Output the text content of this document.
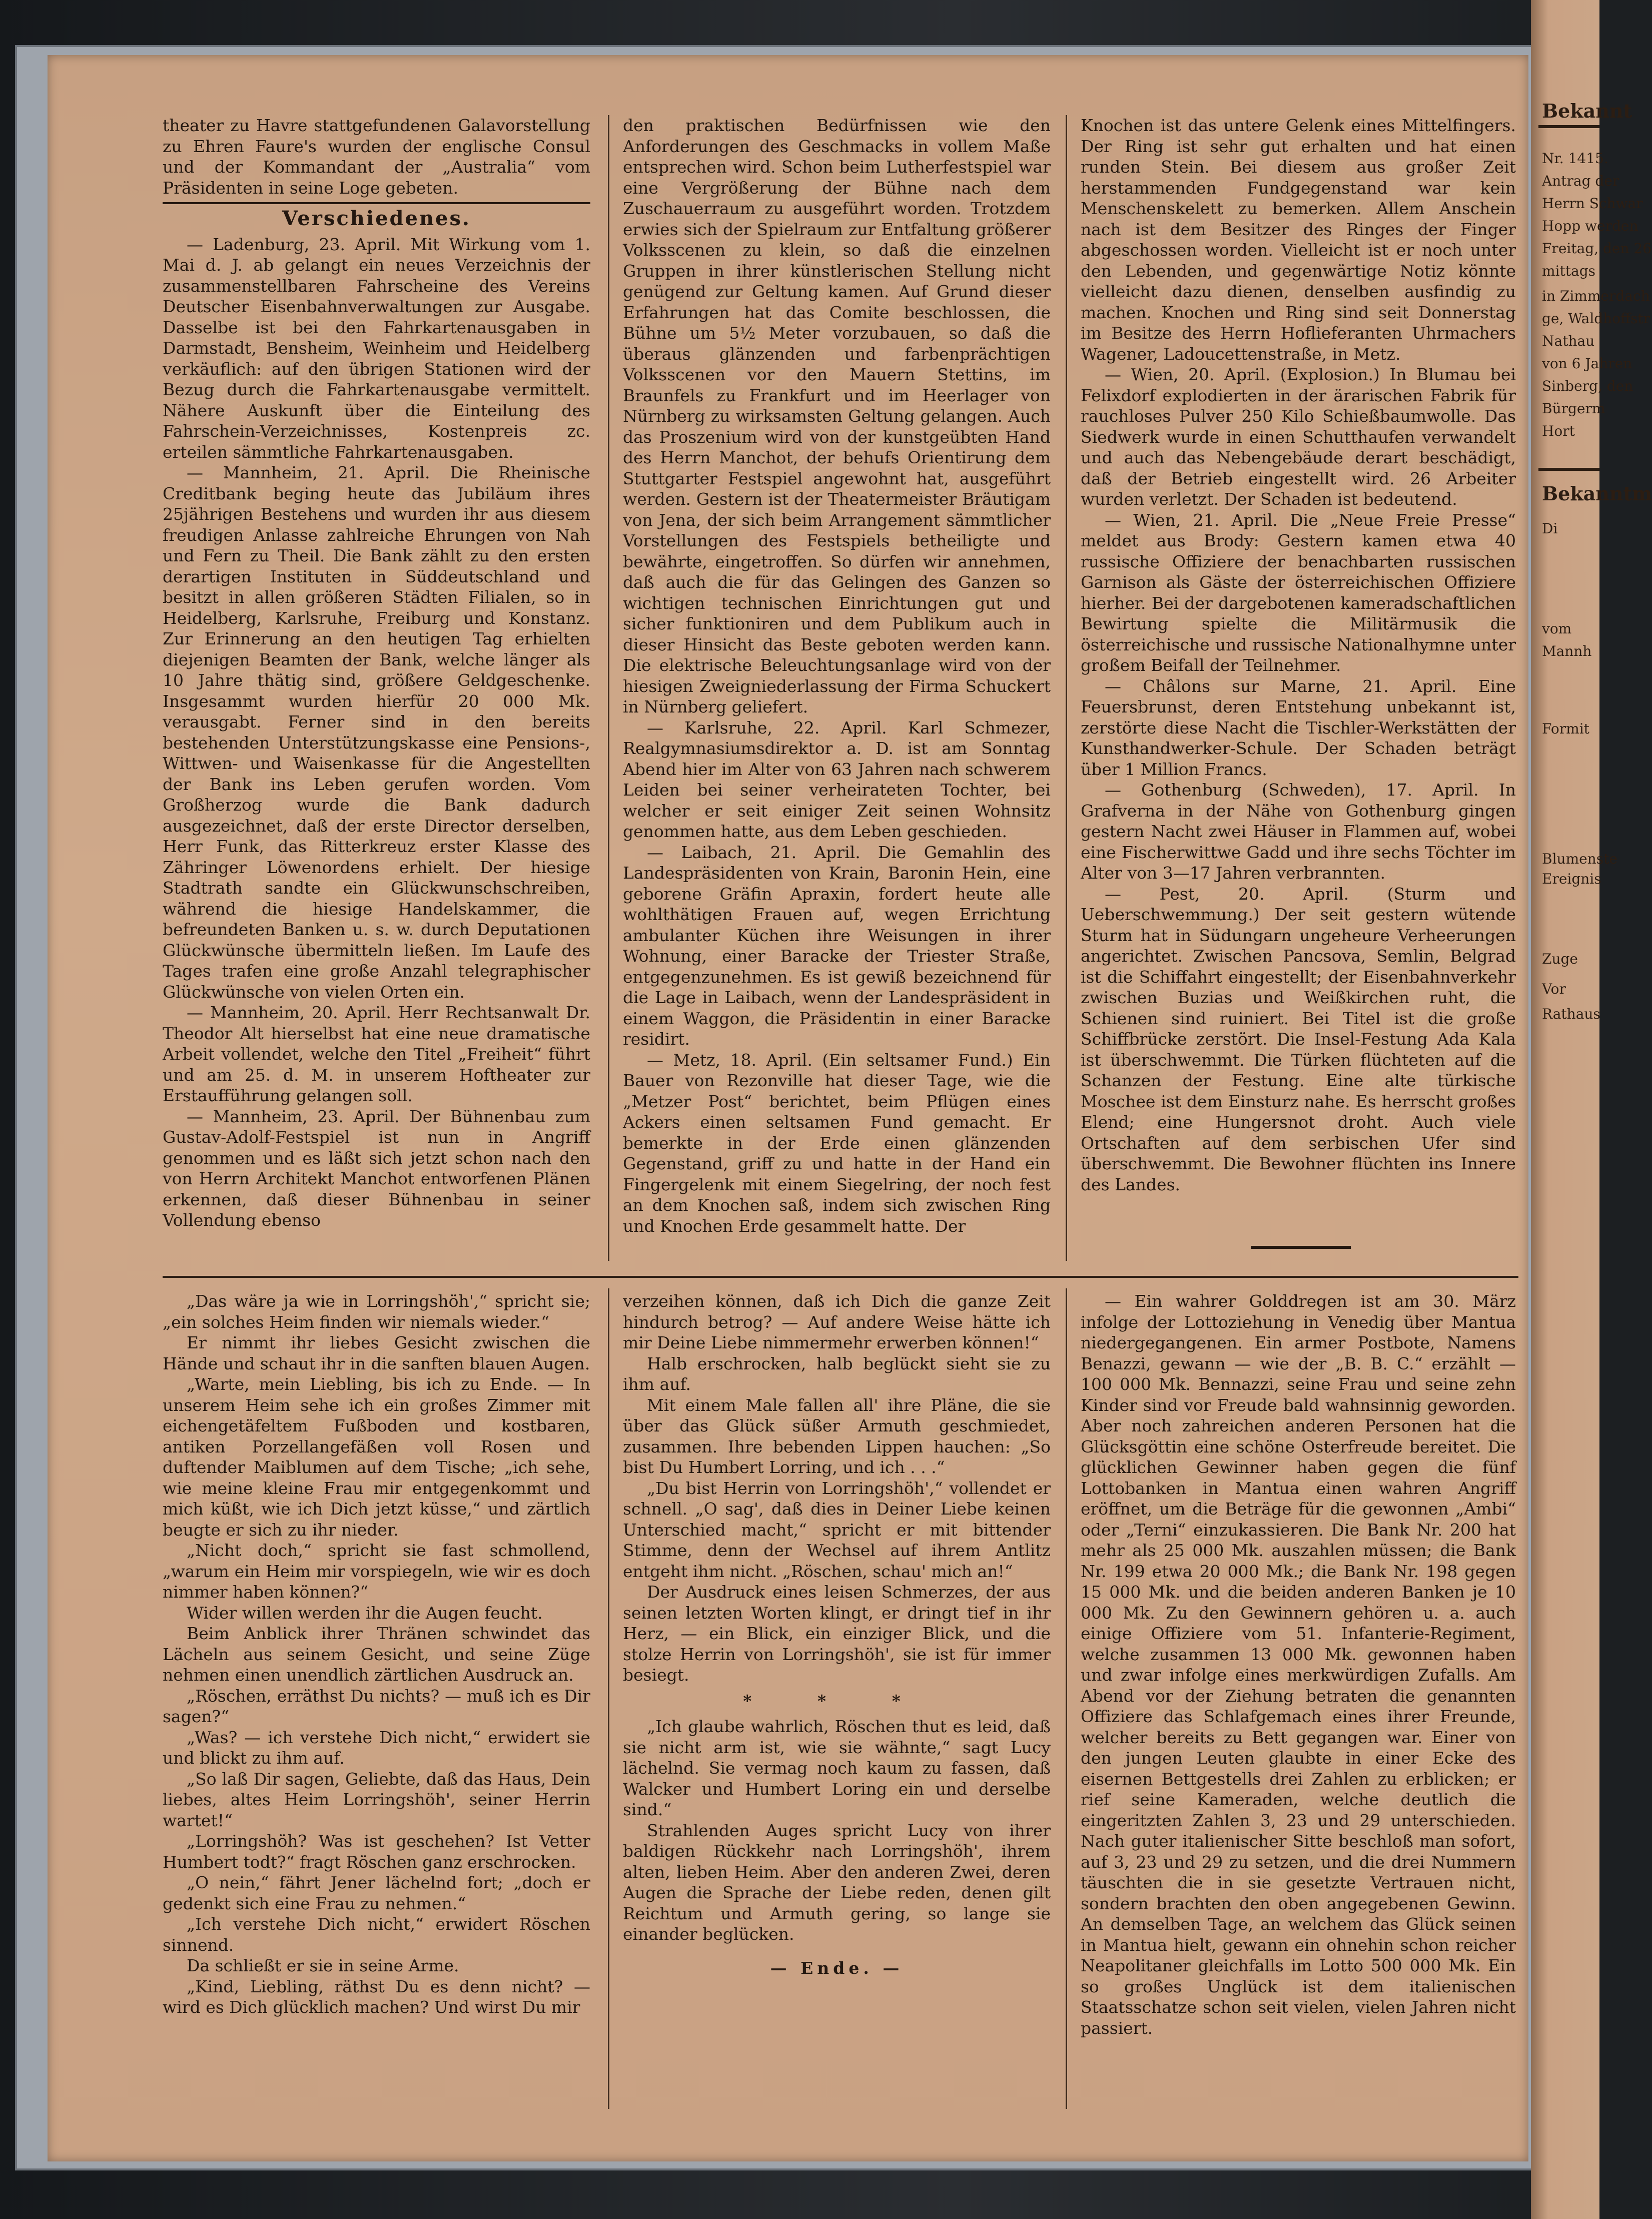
Bekannt
Nr. 1415.
Antrag der
Herrn Schwar
Hopp werden
Freitag, den 26
mittags
in Zimmerdach
ge, Waldhoffstr
Nathau
von 6 Jahren
Sinberg, den
Bürgerm
Hort
Bekanntm
Di
vom
Mannh
Formit
Blumenste
Ereignis
Zuge
Vor
Rathaus

theater zu Havre stattgefundenen Galavorstellung zu Ehren Faure's wurden der englische Consul und der Kommandant der „Australia“ vom Präsidenten in seine Loge gebeten.

Verschiedenes.

— Ladenburg, 23. April. Mit Wirkung vom 1. Mai d. J. ab gelangt ein neues Verzeichnis der zusammenstellbaren Fahrscheine des Vereins Deutscher Eisenbahnverwaltungen zur Ausgabe. Dasselbe ist bei den Fahrkartenausgaben in Darmstadt, Bensheim, Weinheim und Heidelberg verkäuflich: auf den übrigen Stationen wird der Bezug durch die Fahrkartenausgabe vermittelt. Nähere Auskunft über die Einteilung des Fahrschein-Verzeichnisses, Kostenpreis zc. erteilen sämmtliche Fahrkartenausgaben.

— Mannheim, 21. April. Die Rheinische Creditbank beging heute das Jubiläum ihres 25jährigen Bestehens und wurden ihr aus diesem freudigen Anlasse zahlreiche Ehrungen von Nah und Fern zu Theil. Die Bank zählt zu den ersten derartigen Instituten in Süddeutschland und besitzt in allen größeren Städten Filialen, so in Heidelberg, Karlsruhe, Freiburg und Konstanz. Zur Erinnerung an den heutigen Tag erhielten diejenigen Beamten der Bank, welche länger als 10 Jahre thätig sind, größere Geldgeschenke. Insgesammt wurden hierfür 20 000 Mk. verausgabt. Ferner sind in den bereits bestehenden Unterstützungskasse eine Pensions-, Wittwen- und Waisenkasse für die Angestellten der Bank ins Leben gerufen worden. Vom Großherzog wurde die Bank dadurch ausgezeichnet, daß der erste Director derselben, Herr Funk, das Ritterkreuz erster Klasse des Zähringer Löwenordens erhielt. Der hiesige Stadtrath sandte ein Glückwunschschreiben, während die hiesige Handelskammer, die befreundeten Banken u. s. w. durch Deputationen Glückwünsche übermitteln ließen. Im Laufe des Tages trafen eine große Anzahl telegraphischer Glückwünsche von vielen Orten ein.

— Mannheim, 20. April. Herr Rechtsanwalt Dr. Theodor Alt hierselbst hat eine neue dramatische Arbeit vollendet, welche den Titel „Freiheit“ führt und am 25. d. M. in unserem Hoftheater zur Erstaufführung gelangen soll.

— Mannheim, 23. April. Der Bühnenbau zum Gustav-Adolf-Festspiel ist nun in Angriff genommen und es läßt sich jetzt schon nach den von Herrn Architekt Manchot entworfenen Plänen erkennen, daß dieser Bühnenbau in seiner Vollendung ebenso

den praktischen Bedürfnissen wie den Anforderungen des Geschmacks in vollem Maße entsprechen wird. Schon beim Lutherfestspiel war eine Vergrößerung der Bühne nach dem Zuschauerraum zu ausgeführt worden. Trotzdem erwies sich der Spielraum zur Entfaltung größerer Volksscenen zu klein, so daß die einzelnen Gruppen in ihrer künstlerischen Stellung nicht genügend zur Geltung kamen. Auf Grund dieser Erfahrungen hat das Comite beschlossen, die Bühne um 5½ Meter vorzubauen, so daß die überaus glänzenden und farbenprächtigen Volksscenen vor den Mauern Stettins, im Braunfels zu Frankfurt und im Heerlager von Nürnberg zu wirksamsten Geltung gelangen. Auch das Proszenium wird von der kunstgeübten Hand des Herrn Manchot, der behufs Orientirung dem Stuttgarter Festspiel angewohnt hat, ausgeführt werden. Gestern ist der Theatermeister Bräutigam von Jena, der sich beim Arrangement sämmtlicher Vorstellungen des Festspiels betheiligte und bewährte, eingetroffen. So dürfen wir annehmen, daß auch die für das Gelingen des Ganzen so wichtigen technischen Einrichtungen gut und sicher funktioniren und dem Publikum auch in dieser Hinsicht das Beste geboten werden kann. Die elektrische Beleuchtungsanlage wird von der hiesigen Zweigniederlassung der Firma Schuckert in Nürnberg geliefert.

— Karlsruhe, 22. April. Karl Schmezer, Realgymnasiumsdirektor a. D. ist am Sonntag Abend hier im Alter von 63 Jahren nach schwerem Leiden bei seiner verheirateten Tochter, bei welcher er seit einiger Zeit seinen Wohnsitz genommen hatte, aus dem Leben geschieden.

— Laibach, 21. April. Die Gemahlin des Landespräsidenten von Krain, Baronin Hein, eine geborene Gräfin Apraxin, fordert heute alle wohlthätigen Frauen auf, wegen Errichtung ambulanter Küchen ihre Weisungen in ihrer Wohnung, einer Baracke der Triester Straße, entgegenzunehmen. Es ist gewiß bezeichnend für die Lage in Laibach, wenn der Landespräsident in einem Waggon, die Präsidentin in einer Baracke residirt.

— Metz, 18. April. (Ein seltsamer Fund.) Ein Bauer von Rezonville hat dieser Tage, wie die „Metzer Post“ berichtet, beim Pflügen eines Ackers einen seltsamen Fund gemacht. Er bemerkte in der Erde einen glänzenden Gegenstand, griff zu und hatte in der Hand ein Fingergelenk mit einem Siegelring, der noch fest an dem Knochen saß, indem sich zwischen Ring und Knochen Erde gesammelt hatte. Der

Knochen ist das untere Gelenk eines Mittelfingers. Der Ring ist sehr gut erhalten und hat einen runden Stein. Bei diesem aus großer Zeit herstammenden Fundgegenstand war kein Menschenskelett zu bemerken. Allem Anschein nach ist dem Besitzer des Ringes der Finger abgeschossen worden. Vielleicht ist er noch unter den Lebenden, und gegenwärtige Notiz könnte vielleicht dazu dienen, denselben ausfindig zu machen. Knochen und Ring sind seit Donnerstag im Besitze des Herrn Hoflieferanten Uhrmachers Wagener, Ladoucettenstraße, in Metz.

— Wien, 20. April. (Explosion.) In Blumau bei Felixdorf explodierten in der ärarischen Fabrik für rauchloses Pulver 250 Kilo Schießbaumwolle. Das Siedwerk wurde in einen Schutthaufen verwandelt und auch das Nebengebäude derart beschädigt, daß der Betrieb eingestellt wird. 26 Arbeiter wurden verletzt. Der Schaden ist bedeutend.

— Wien, 21. April. Die „Neue Freie Presse“ meldet aus Brody: Gestern kamen etwa 40 russische Offiziere der benachbarten russischen Garnison als Gäste der österreichischen Offiziere hierher. Bei der dargebotenen kameradschaftlichen Bewirtung spielte die Militärmusik die österreichische und russische Nationalhymne unter großem Beifall der Teilnehmer.

— Châlons sur Marne, 21. April. Eine Feuersbrunst, deren Entstehung unbekannt ist, zerstörte diese Nacht die Tischler-Werkstätten der Kunsthandwerker-Schule. Der Schaden beträgt über 1 Million Francs.

— Gothenburg (Schweden), 17. April. In Grafverna in der Nähe von Gothenburg gingen gestern Nacht zwei Häuser in Flammen auf, wobei eine Fischerwittwe Gadd und ihre sechs Töchter im Alter von 3—17 Jahren verbrannten.

— Pest, 20. April. (Sturm und Ueberschwemmung.) Der seit gestern wütende Sturm hat in Südungarn ungeheure Verheerungen angerichtet. Zwischen Pancsova, Semlin, Belgrad ist die Schiffahrt eingestellt; der Eisenbahnverkehr zwischen Buzias und Weißkirchen ruht, die Schienen sind ruiniert. Bei Titel ist die große Schiffbrücke zerstört. Die Insel-Festung Ada Kala ist überschwemmt. Die Türken flüchteten auf die Schanzen der Festung. Eine alte türkische Moschee ist dem Einsturz nahe. Es herrscht großes Elend; eine Hungersnot droht. Auch viele Ortschaften auf dem serbischen Ufer sind überschwemmt. Die Bewohner flüchten ins Innere des Landes.

„Das wäre ja wie in Lorringshöh',“ spricht sie; „ein solches Heim finden wir niemals wieder.“

Er nimmt ihr liebes Gesicht zwischen die Hände und schaut ihr in die sanften blauen Augen.

„Warte, mein Liebling, bis ich zu Ende. — In unserem Heim sehe ich ein großes Zimmer mit eichengetäfeltem Fußboden und kostbaren, antiken Porzellangefäßen voll Rosen und duftender Maiblumen auf dem Tische; „ich sehe, wie meine kleine Frau mir entgegenkommt und mich küßt, wie ich Dich jetzt küsse,“ und zärtlich beugte er sich zu ihr nieder.

„Nicht doch,“ spricht sie fast schmollend, „warum ein Heim mir vorspiegeln, wie wir es doch nimmer haben können?“

Wider willen werden ihr die Augen feucht.

Beim Anblick ihrer Thränen schwindet das Lächeln aus seinem Gesicht, und seine Züge nehmen einen unendlich zärtlichen Ausdruck an.

„Röschen, erräthst Du nichts? — muß ich es Dir sagen?“

„Was? — ich verstehe Dich nicht,“ erwidert sie und blickt zu ihm auf.

„So laß Dir sagen, Geliebte, daß das Haus, Dein liebes, altes Heim Lorringshöh', seiner Herrin wartet!“

„Lorringshöh? Was ist geschehen? Ist Vetter Humbert todt?“ fragt Röschen ganz erschrocken.

„O nein,“ fährt Jener lächelnd fort; „doch er gedenkt sich eine Frau zu nehmen.“

„Ich verstehe Dich nicht,“ erwidert Röschen sinnend.

Da schließt er sie in seine Arme.

„Kind, Liebling, räthst Du es denn nicht? — wird es Dich glücklich machen? Und wirst Du mir

verzeihen können, daß ich Dich die ganze Zeit hindurch betrog? — Auf andere Weise hätte ich mir Deine Liebe nimmermehr erwerben können!“

Halb erschrocken, halb beglückt sieht sie zu ihm auf.

Mit einem Male fallen all' ihre Pläne, die sie über das Glück süßer Armuth geschmiedet, zusammen. Ihre bebenden Lippen hauchen: „So bist Du Humbert Lorring, und ich . . .“

„Du bist Herrin von Lorringshöh',“ vollendet er schnell. „O sag', daß dies in Deiner Liebe keinen Unterschied macht,“ spricht er mit bittender Stimme, denn der Wechsel auf ihrem Antlitz entgeht ihm nicht. „Röschen, schau' mich an!“

Der Ausdruck eines leisen Schmerzes, der aus seinen letzten Worten klingt, er dringt tief in ihr Herz, — ein Blick, ein einziger Blick, und die stolze Herrin von Lorringshöh', sie ist für immer besiegt.

* * *

„Ich glaube wahrlich, Röschen thut es leid, daß sie nicht arm ist, wie sie wähnte,“ sagt Lucy lächelnd. Sie vermag noch kaum zu fassen, daß Walcker und Humbert Loring ein und derselbe sind.“

Strahlenden Auges spricht Lucy von ihrer baldigen Rückkehr nach Lorringshöh', ihrem alten, lieben Heim. Aber den anderen Zwei, deren Augen die Sprache der Liebe reden, denen gilt Reichtum und Armuth gering, so lange sie einander beglücken.

— Ende. —

— Ein wahrer Golddregen ist am 30. März infolge der Lottoziehung in Venedig über Mantua niedergegangenen. Ein armer Postbote, Namens Benazzi, gewann — wie der „B. B. C.“ erzählt — 100 000 Mk. Bennazzi, seine Frau und seine zehn Kinder sind vor Freude bald wahnsinnig geworden. Aber noch zahreichen anderen Personen hat die Glücksgöttin eine schöne Osterfreude bereitet. Die glücklichen Gewinner haben gegen die fünf Lottobanken in Mantua einen wahren Angriff eröffnet, um die Beträge für die gewonnen „Ambi“ oder „Terni“ einzukassieren. Die Bank Nr. 200 hat mehr als 25 000 Mk. auszahlen müssen; die Bank Nr. 199 etwa 20 000 Mk.; die Bank Nr. 198 gegen 15 000 Mk. und die beiden anderen Banken je 10 000 Mk. Zu den Gewinnern gehören u. a. auch einige Offiziere vom 51. Infanterie-Regiment, welche zusammen 13 000 Mk. gewonnen haben und zwar infolge eines merkwürdigen Zufalls. Am Abend vor der Ziehung betraten die genannten Offiziere das Schlafgemach eines ihrer Freunde, welcher bereits zu Bett gegangen war. Einer von den jungen Leuten glaubte in einer Ecke des eisernen Bettgestells drei Zahlen zu erblicken; er rief seine Kameraden, welche deutlich die eingeritzten Zahlen 3, 23 und 29 unterschieden. Nach guter italienischer Sitte beschloß man sofort, auf 3, 23 und 29 zu setzen, und die drei Nummern täuschten die in sie gesetzte Vertrauen nicht, sondern brachten den oben angegebenen Gewinn. An demselben Tage, an welchem das Glück seinen in Mantua hielt, gewann ein ohnehin schon reicher Neapolitaner gleichfalls im Lotto 500 000 Mk. Ein so großes Unglück ist dem italienischen Staatsschatze schon seit vielen, vielen Jahren nicht passiert.
